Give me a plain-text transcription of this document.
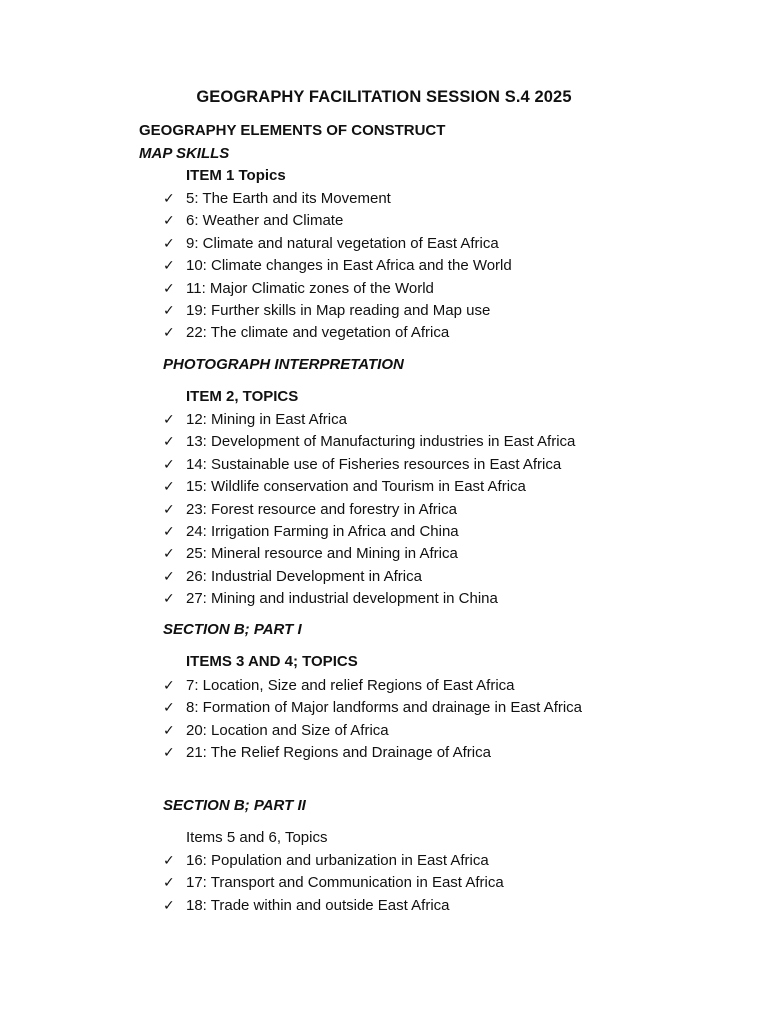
GEOGRAPHY FACILITATION SESSION S.4 2025
GEOGRAPHY ELEMENTS OF CONSTRUCT
MAP SKILLS
ITEM 1 Topics
✓ 5: The Earth and its Movement
✓ 6: Weather and Climate
✓ 9: Climate and natural vegetation of East Africa
✓ 10: Climate changes in East Africa and the World
✓ 11: Major Climatic zones of the World
✓ 19: Further skills in Map reading and Map use
✓ 22: The climate and vegetation of Africa
PHOTOGRAPH INTERPRETATION
ITEM 2, TOPICS
✓ 12: Mining in East Africa
✓ 13: Development of Manufacturing industries in East Africa
✓ 14: Sustainable use of Fisheries resources in East Africa
✓ 15: Wildlife conservation and Tourism in East Africa
✓ 23: Forest resource and forestry in Africa
✓ 24: Irrigation Farming in Africa and China
✓ 25: Mineral resource and Mining in Africa
✓ 26: Industrial Development in Africa
✓ 27: Mining and industrial development in China
SECTION B; PART I
ITEMS 3 AND 4; TOPICS
✓ 7: Location, Size and relief Regions of East Africa
✓ 8: Formation of Major landforms and drainage in East Africa
✓ 20: Location and Size of Africa
✓ 21: The Relief Regions and Drainage of Africa
SECTION B; PART II
Items 5 and 6, Topics
✓ 16: Population and urbanization in East Africa
✓ 17: Transport and Communication in East Africa
✓ 18: Trade within and outside East Africa
